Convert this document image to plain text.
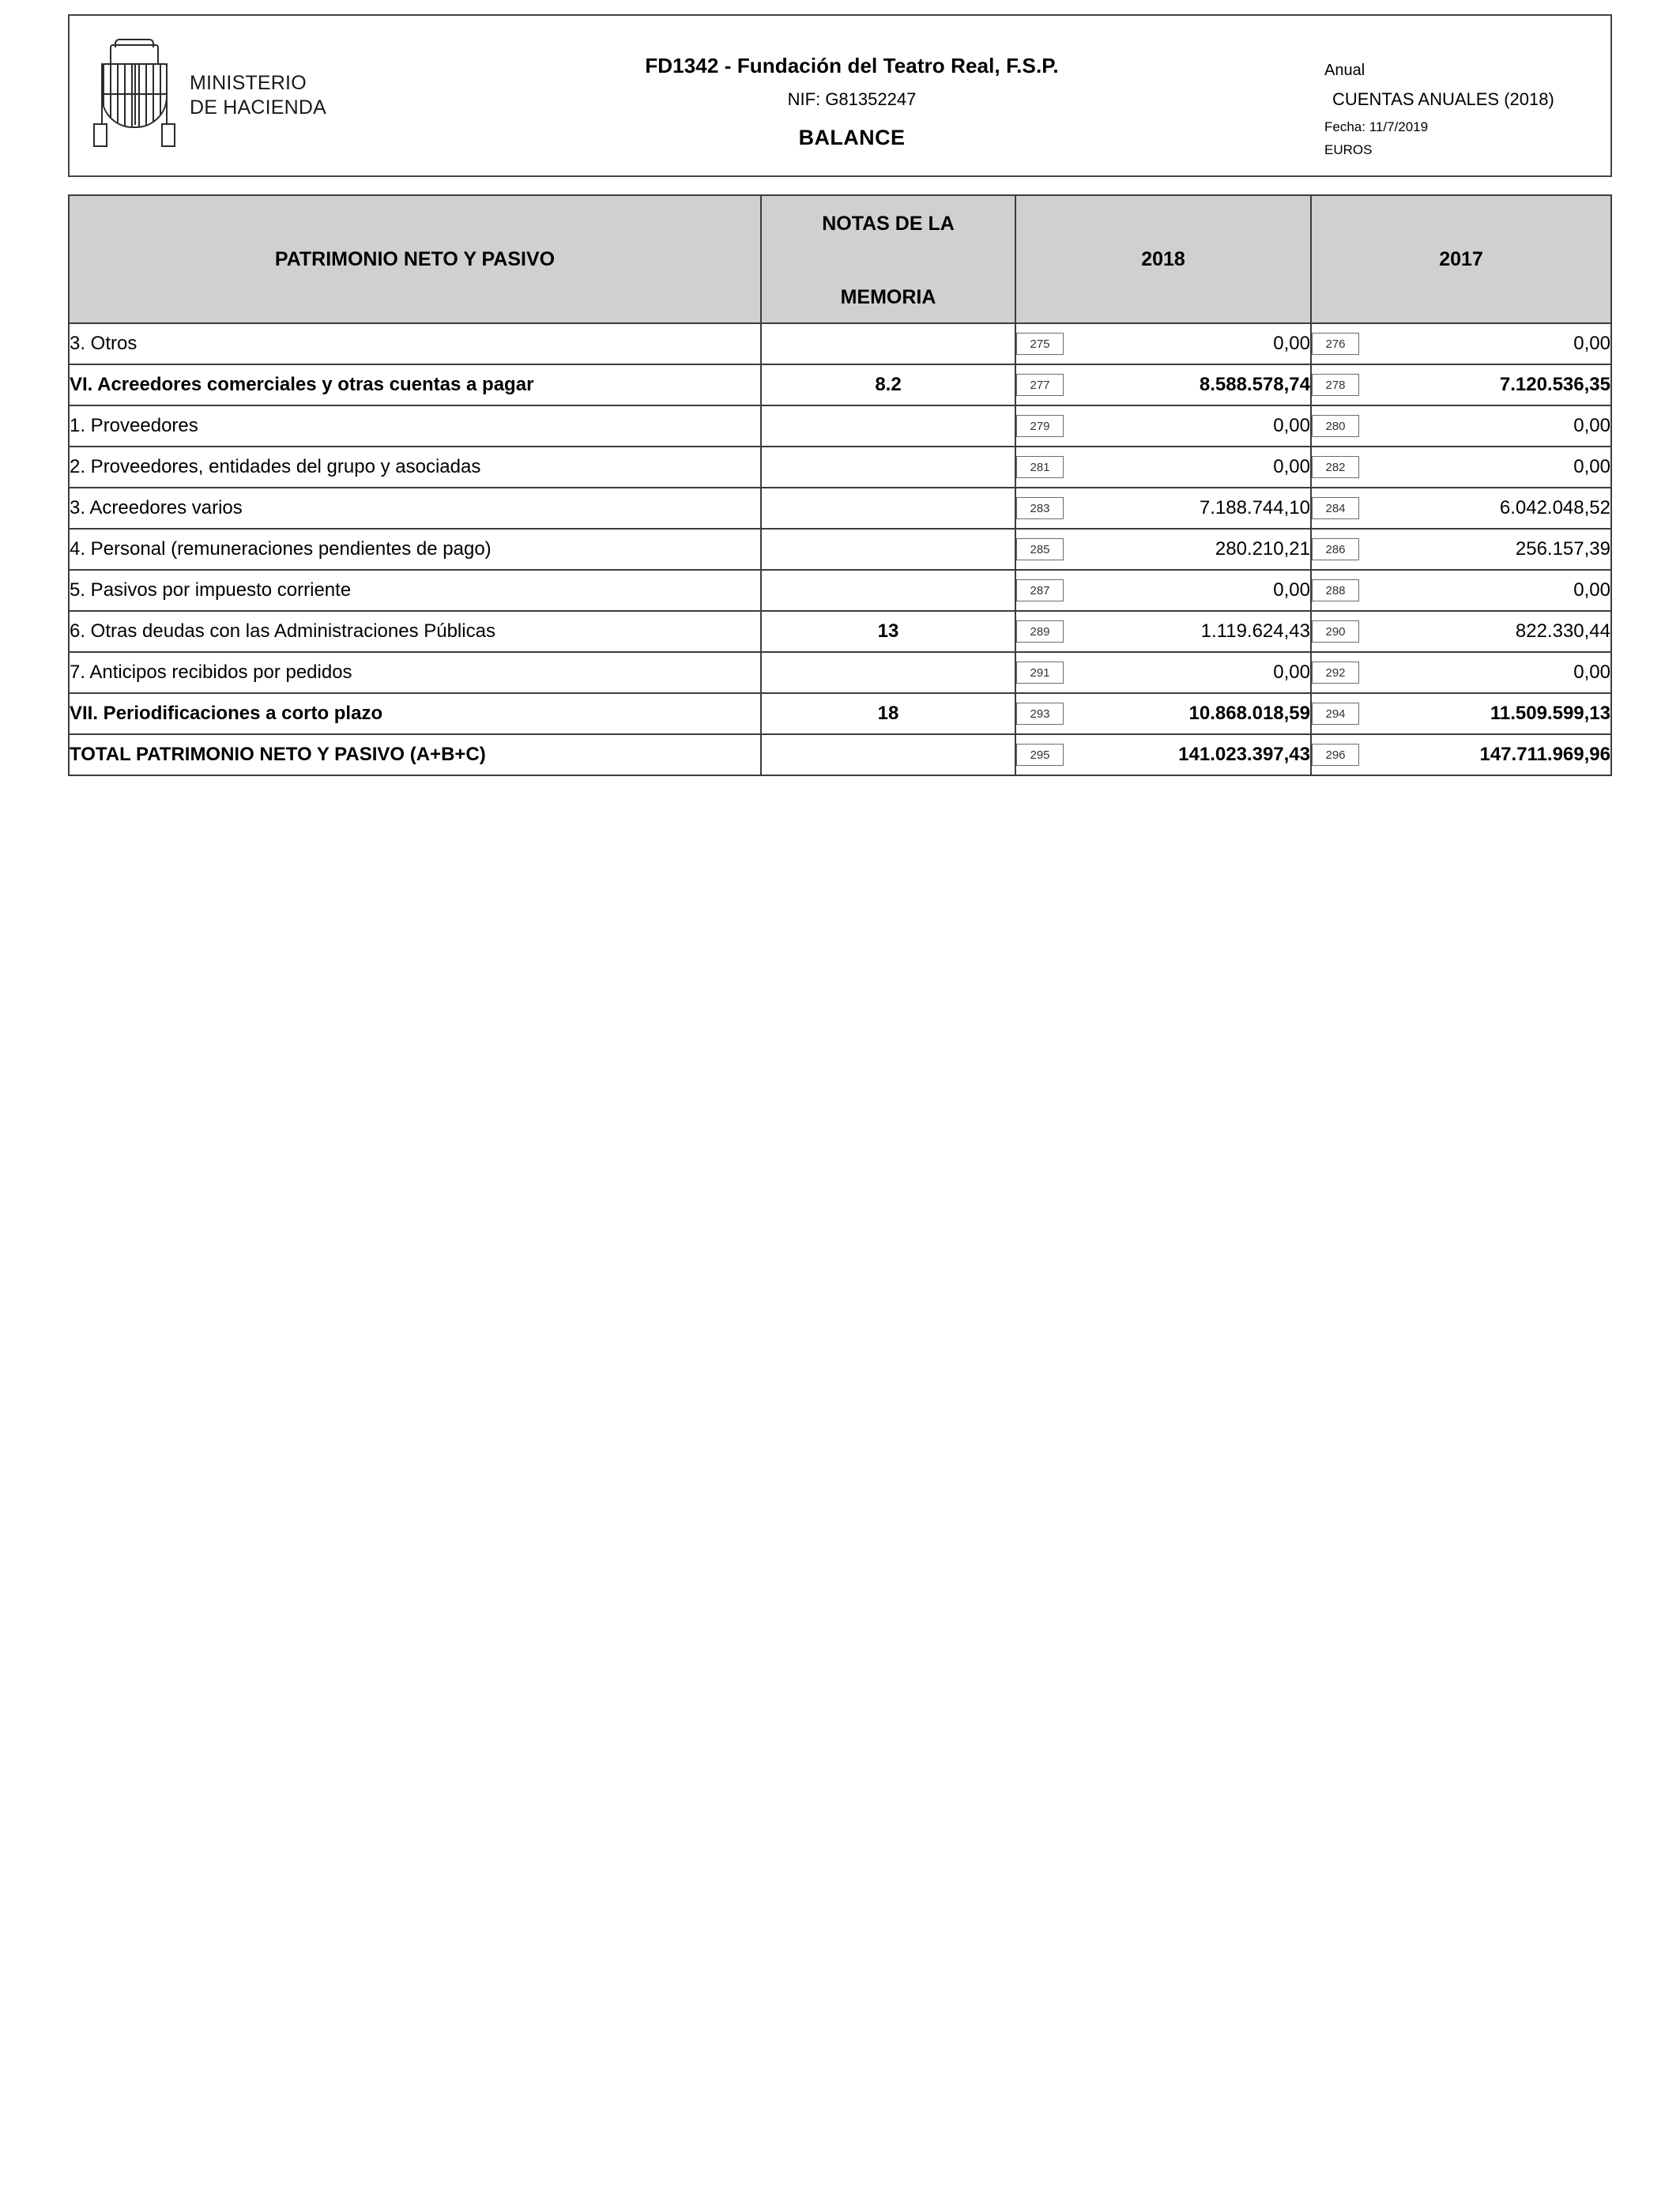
MINISTERIO
DE HACIENDA
FD1342 - Fundación del Teatro Real, F.S.P.
NIF: G81352247
BALANCE
Anual
CUENTAS ANUALES (2018)
Fecha: 11/7/2019
EUROS
PATRIMONIO NETO Y PASIVO	NOTAS DE LA
MEMORIA	2018	2017
3. Otros		275	0,00	276	0,00

VI. Acreedores comerciales y otras cuentas a pagar	8.2	277	8.588.578,74	278	7.120.536,35

1. Proveedores		279	0,00	280	0,00

2. Proveedores, entidades del grupo y asociadas		281	0,00	282	0,00

3. Acreedores varios		283	7.188.744,10	284	6.042.048,52

4. Personal (remuneraciones pendientes de pago)		285	280.210,21	286	256.157,39

5. Pasivos por impuesto corriente		287	0,00	288	0,00

6. Otras deudas con las Administraciones Públicas	13	289	1.119.624,43	290	822.330,44

7. Anticipos recibidos por pedidos		291	0,00	292	0,00

VII. Periodificaciones a corto plazo	18	293	10.868.018,59	294	11.509.599,13

TOTAL PATRIMONIO NETO Y PASIVO (A+B+C)		295	141.023.397,43	296	147.711.969,96
